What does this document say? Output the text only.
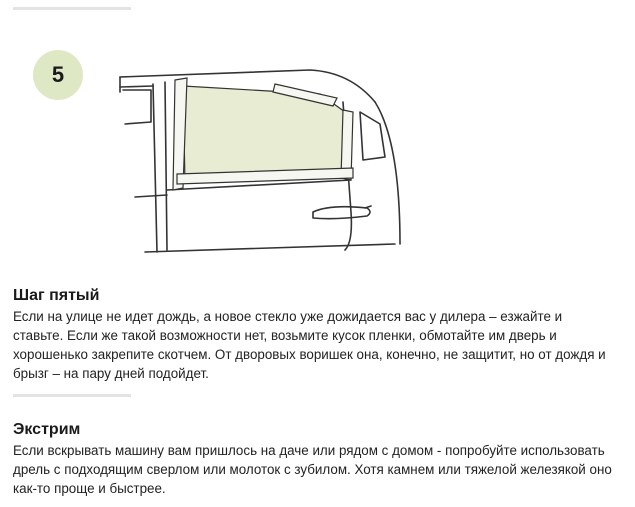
5
Шаг пятый

Если на улице не идет дождь, а новое стекло уже дожидается вас у дилера – езжайте и ставьте. Если же такой возможности нет, возьмите кусок пленки, обмотайте им дверь и хорошенько закрепите скотчем. От дворовых воришек она, конечно, не защитит, но от дождя и брызг – на пару дней подойдет.

Экстрим

Если вскрывать машину вам пришлось на даче или рядом с домом - попробуйте использовать дрель с подходящим сверлом или молоток с зубилом. Хотя камнем или тяжелой железякой оно как-то проще и быстрее.
